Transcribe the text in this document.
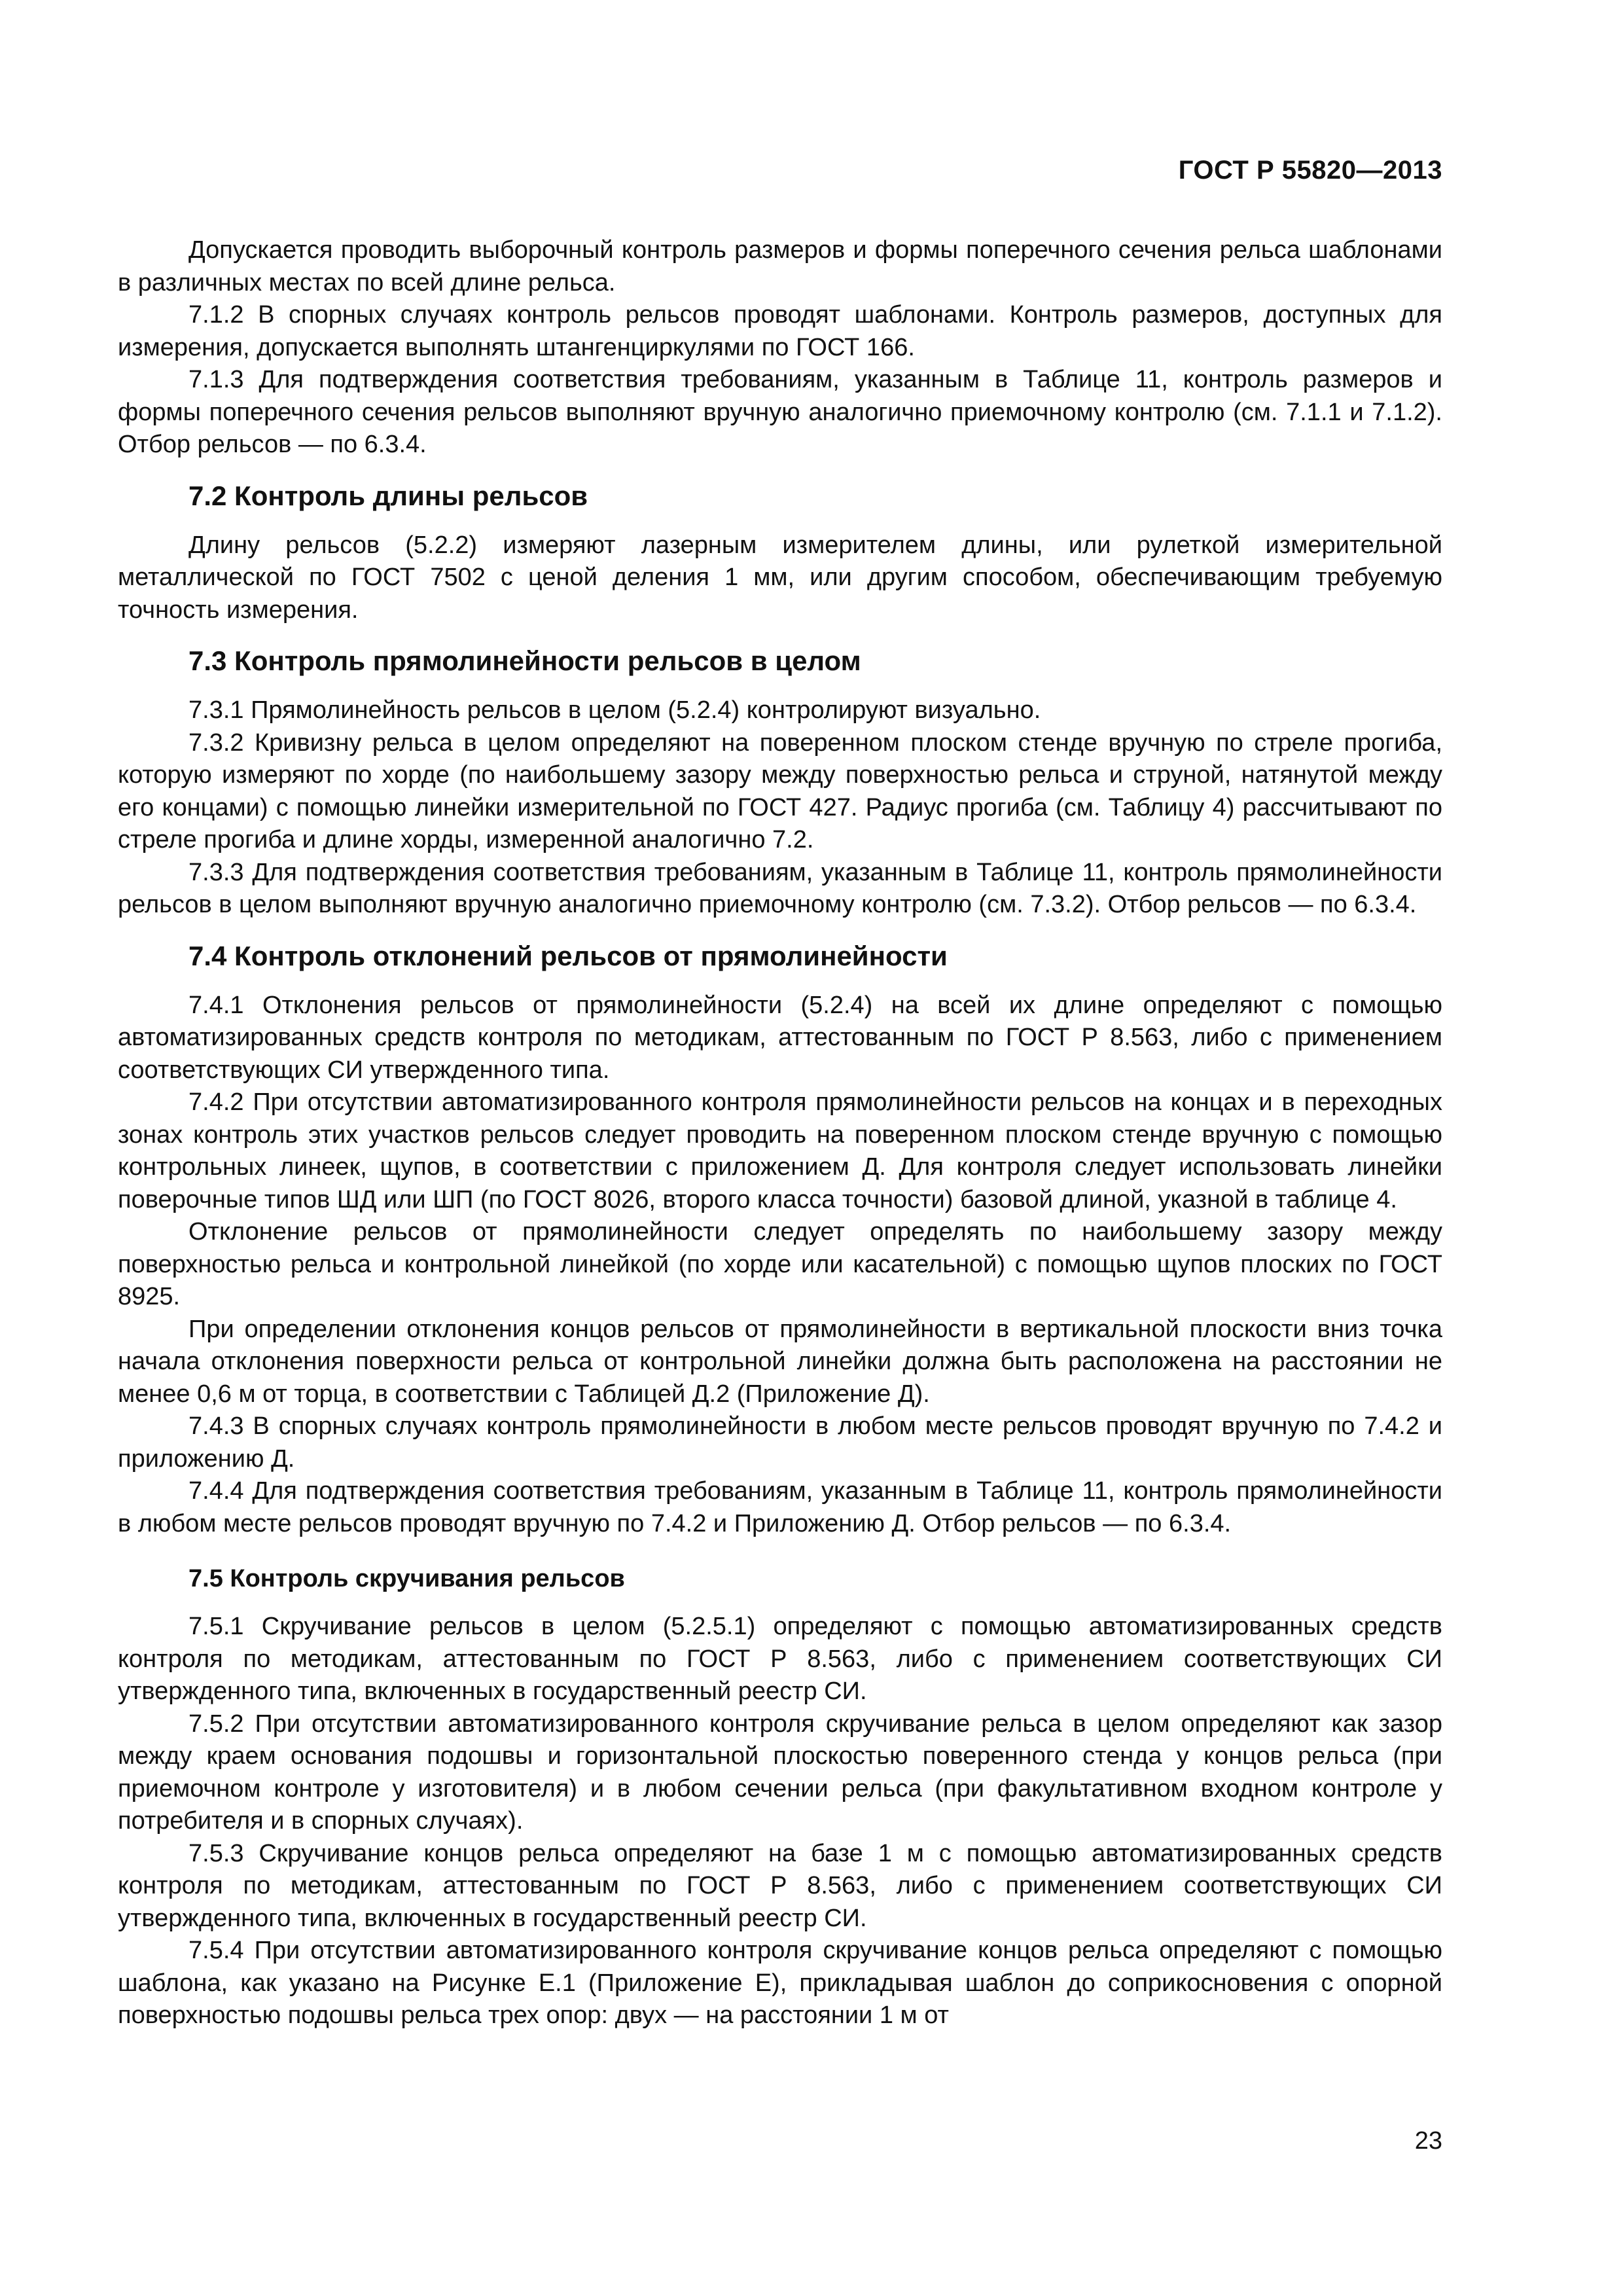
ГОСТ Р 55820—2013

Допускается проводить выборочный контроль размеров и формы поперечного сечения рельса шаблонами в различных местах по всей длине рельса.

7.1.2 В спорных случаях контроль рельсов проводят шаблонами. Контроль размеров, доступных для измерения, допускается выполнять штангенциркулями по ГОСТ 166.

7.1.3 Для подтверждения соответствия требованиям, указанным в Таблице 11, контроль размеров и формы поперечного сечения рельсов выполняют вручную аналогично приемочному контролю (см. 7.1.1 и 7.1.2). Отбор рельсов — по 6.3.4.

7.2 Контроль длины рельсов

Длину рельсов (5.2.2) измеряют лазерным измерителем длины, или рулеткой измерительной металлической по ГОСТ 7502 с ценой деления 1 мм, или другим способом, обеспечивающим требуемую точность измерения.

7.3 Контроль прямолинейности рельсов в целом

7.3.1 Прямолинейность рельсов в целом (5.2.4) контролируют визуально.

7.3.2 Кривизну рельса в целом определяют на поверенном плоском стенде вручную по стреле прогиба, которую измеряют по хорде (по наибольшему зазору между поверхностью рельса и струной, натянутой между его концами) с помощью линейки измерительной по ГОСТ 427. Радиус прогиба (см. Таблицу 4) рассчитывают по стреле прогиба и длине хорды, измеренной аналогично 7.2.

7.3.3 Для подтверждения соответствия требованиям, указанным в Таблице 11, контроль прямолинейности рельсов в целом выполняют вручную аналогично приемочному контролю (см. 7.3.2). Отбор рельсов — по 6.3.4.

7.4 Контроль отклонений рельсов от прямолинейности

7.4.1 Отклонения рельсов от прямолинейности (5.2.4) на всей их длине определяют с помощью автоматизированных средств контроля по методикам, аттестованным по ГОСТ Р 8.563, либо с применением соответствующих СИ утвержденного типа.

7.4.2 При отсутствии автоматизированного контроля прямолинейности рельсов на концах и в переходных зонах контроль этих участков рельсов следует проводить на поверенном плоском стенде вручную с помощью контрольных линеек, щупов, в соответствии с приложением Д. Для контроля следует использовать линейки поверочные типов ШД или ШП (по ГОСТ 8026, второго класса точности) базовой длиной, указной в таблице 4.

Отклонение рельсов от прямолинейности следует определять по наибольшему зазору между поверхностью рельса и контрольной линейкой (по хорде или касательной) с помощью щупов плоских по ГОСТ 8925.

При определении отклонения концов рельсов от прямолинейности в вертикальной плоскости вниз точка начала отклонения поверхности рельса от контрольной линейки должна быть расположена на расстоянии не менее 0,6 м от торца, в соответствии с Таблицей Д.2 (Приложение Д).

7.4.3 В спорных случаях контроль прямолинейности в любом месте рельсов проводят вручную по 7.4.2 и приложению Д.

7.4.4 Для подтверждения соответствия требованиям, указанным в Таблице 11, контроль прямолинейности в любом месте рельсов проводят вручную по 7.4.2 и Приложению Д. Отбор рельсов — по 6.3.4.

7.5 Контроль скручивания рельсов

7.5.1 Скручивание рельсов в целом (5.2.5.1) определяют с помощью автоматизированных средств контроля по методикам, аттестованным по ГОСТ Р 8.563, либо с применением соответствующих СИ утвержденного типа, включенных в государственный реестр СИ.

7.5.2 При отсутствии автоматизированного контроля скручивание рельса в целом определяют как зазор между краем основания подошвы и горизонтальной плоскостью поверенного стенда у концов рельса (при приемочном контроле у изготовителя) и в любом сечении рельса (при факультативном входном контроле у потребителя и в спорных случаях).

7.5.3 Скручивание концов рельса определяют на базе 1 м с помощью автоматизированных средств контроля по методикам, аттестованным по ГОСТ Р 8.563, либо с применением соответствующих СИ утвержденного типа, включенных в государственный реестр СИ.

7.5.4 При отсутствии автоматизированного контроля скручивание концов рельса определяют с помощью шаблона, как указано на Рисунке Е.1 (Приложение Е), прикладывая шаблон до соприкосновения с опорной поверхностью подошвы рельса трех опор: двух — на расстоянии 1 м от

23
